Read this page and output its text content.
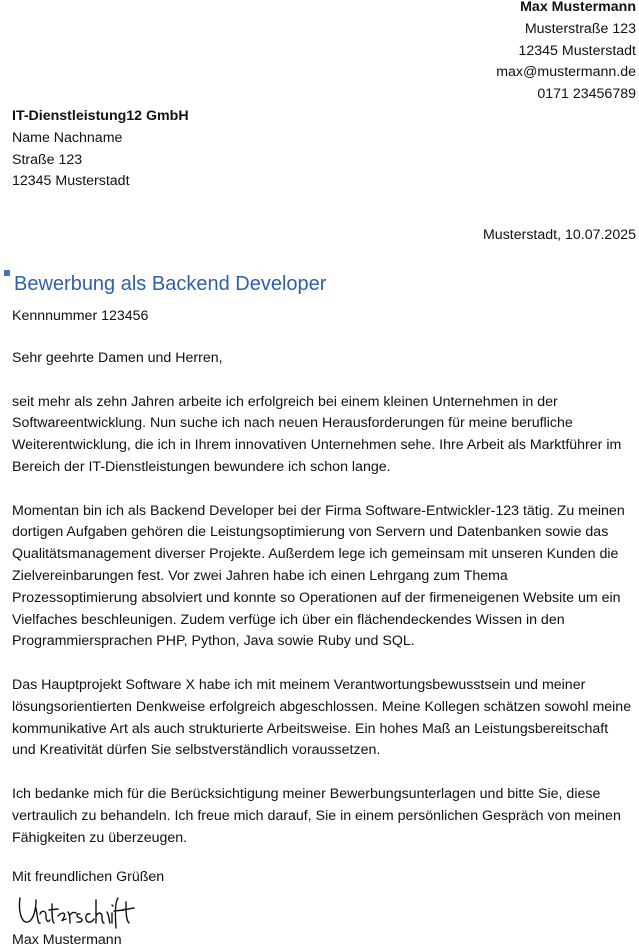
Max Mustermann
Musterstraße 123
12345 Musterstadt
max@mustermann.de
0171 23456789
IT-Dienstleistung12 GmbH
Name Nachname
Straße 123
12345 Musterstadt
Musterstadt, 10.07.2025
Bewerbung als Backend Developer
Kennnummer 123456

Sehr geehrte Damen und Herren,

seit mehr als zehn Jahren arbeite ich erfolgreich bei einem kleinen Unternehmen in der Softwareentwicklung. Nun suche ich nach neuen Herausforderungen für meine berufliche Weiterentwicklung, die ich in Ihrem innovativen Unternehmen sehe. Ihre Arbeit als Marktführer im Bereich der IT-Dienstleistungen bewundere ich schon lange.

Momentan bin ich als Backend Developer bei der Firma Software-Entwickler-123 tätig. Zu meinen dortigen Aufgaben gehören die Leistungsoptimierung von Servern und Datenbanken sowie das Qualitätsmanagement diverser Projekte. Außerdem lege ich gemeinsam mit unseren Kunden die Zielvereinbarungen fest. Vor zwei Jahren habe ich einen Lehrgang zum Thema Prozessoptimierung absolviert und konnte so Operationen auf der firmeneigenen Website um ein Vielfaches beschleunigen. Zudem verfüge ich über ein flächendeckendes Wissen in den Programmiersprachen PHP, Python, Java sowie Ruby und SQL.

Das Hauptprojekt Software X habe ich mit meinem Verantwortungsbewusstsein und meiner lösungsorientierten Denkweise erfolgreich abgeschlossen. Meine Kollegen schätzen sowohl meine kommunikative Art als auch strukturierte Arbeitsweise. Ein hohes Maß an Leistungsbereitschaft und Kreativität dürfen Sie selbstverständlich voraussetzen.

Ich bedanke mich für die Berücksichtigung meiner Bewerbungsunterlagen und bitte Sie, diese vertraulich zu behandeln. Ich freue mich darauf, Sie in einem persönlichen Gespräch von meinen Fähigkeiten zu überzeugen.

Mit freundlichen Grüßen
Max Mustermann
